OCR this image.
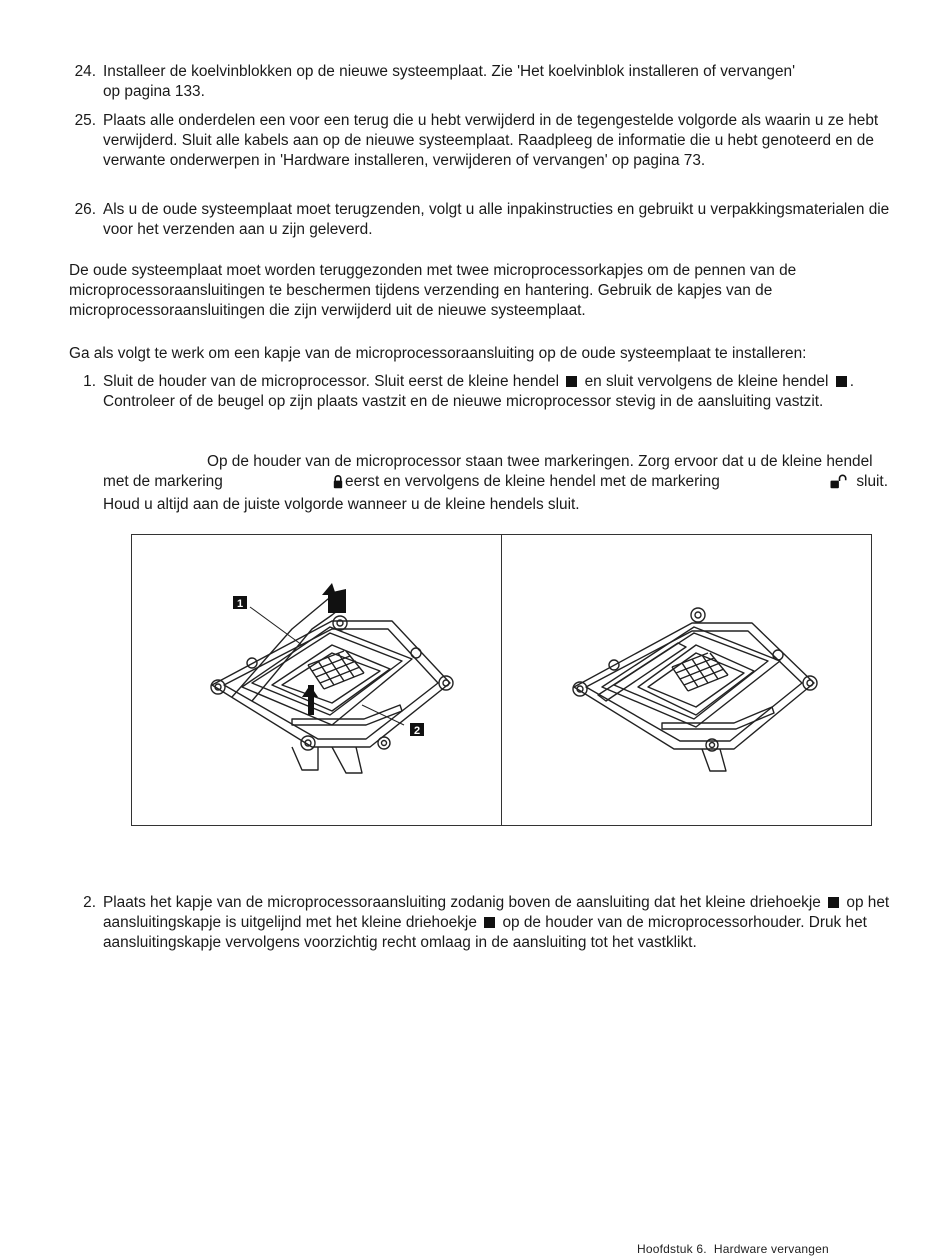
24. Installeer de koelvinblokken op de nieuwe systeemplaat. Zie 'Het koelvinblok installeren of vervangen'
op pagina 133.
25. Plaats alle onderdelen een voor een terug die u hebt verwijderd in de tegengestelde volgorde als waarin u ze hebt verwijderd. Sluit alle kabels aan op de nieuwe systeemplaat. Raadpleeg de informatie die u hebt genoteerd en de verwante onderwerpen in 'Hardware installeren, verwijderen of vervangen' op pagina 73.
26. Als u de oude systeemplaat moet terugzenden, volgt u alle inpakinstructies en gebruikt u verpakkingsmaterialen die voor het verzenden aan u zijn geleverd.
De oude systeemplaat moet worden teruggezonden met twee microprocessorkapjes om de pennen van de microprocessoraansluitingen te beschermen tijdens verzending en hantering. Gebruik de kapjes van de microprocessoraansluitingen die zijn verwijderd uit de nieuwe systeemplaat.
Ga als volgt te werk om een kapje van de microprocessoraansluiting op de oude systeemplaat te installeren:
1. Sluit de houder van de microprocessor. Sluit eerst de kleine hendel en sluit vervolgens de kleine hendel . Controleer of de beugel op zijn plaats vastzit en de nieuwe microprocessor stevig in de aansluiting vastzit.
Op de houder van de microprocessor staan twee markeringen. Zorg ervoor dat u de kleine hendel met de markering	eerst en vervolgens de kleine hendel met de markering	sluit. Houd u altijd aan de juiste volgorde wanneer u de kleine hendels sluit.
1
2
2. Plaats het kapje van de microprocessoraansluiting zodanig boven de aansluiting dat het kleine driehoekje op het aansluitingskapje is uitgelijnd met het kleine driehoekje op de houder van de microprocessorhouder. Druk het aansluitingskapje vervolgens voorzichtig recht omlaag in de aansluiting tot het vastklikt.
Hoofdstuk 6. Hardware vervangen
